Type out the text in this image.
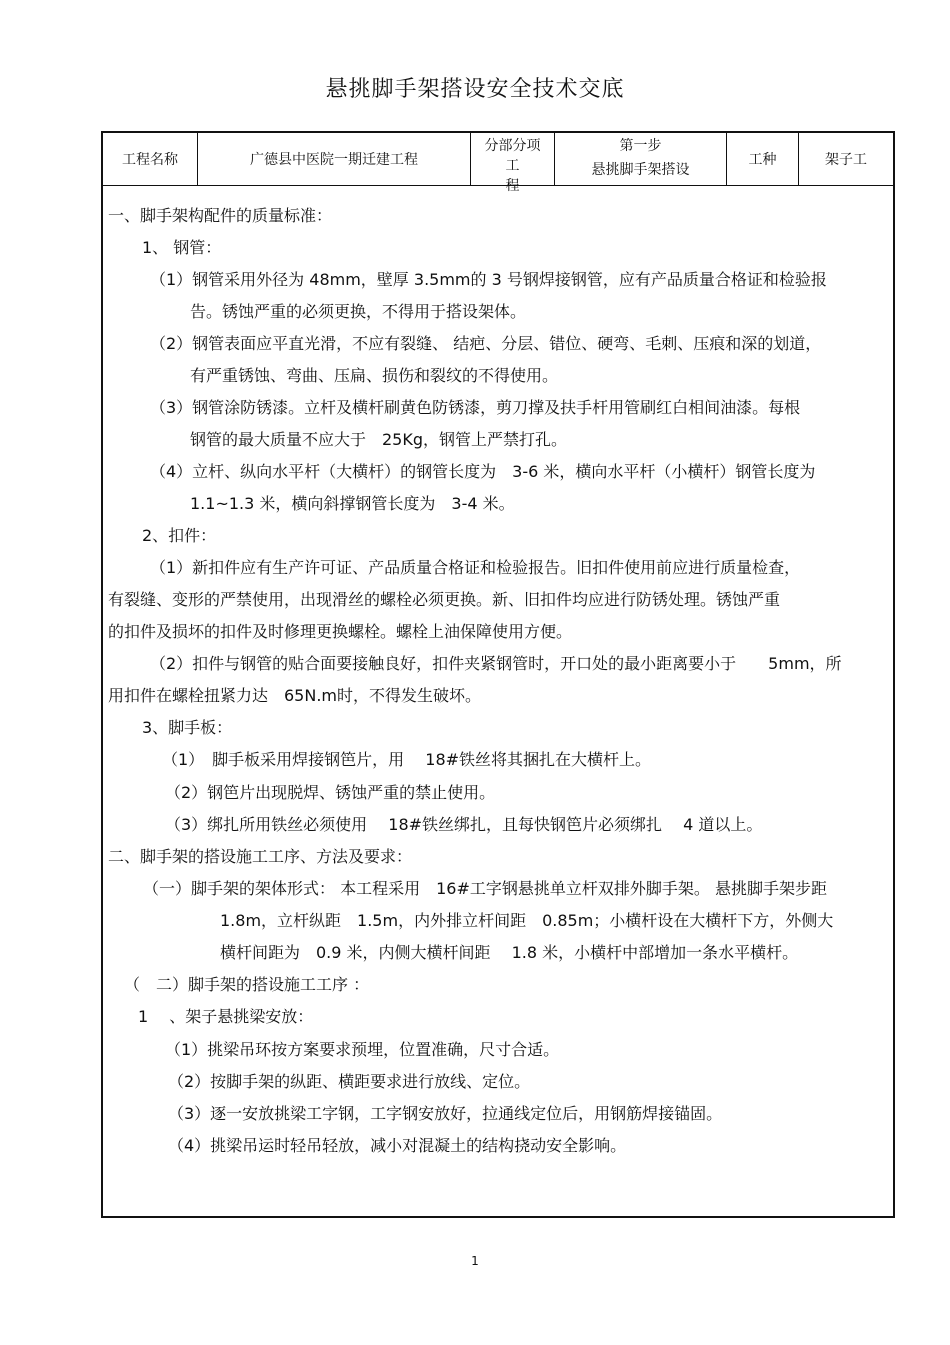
悬挑脚手架搭设安全技术交底
工程名称	广德县中医院一期迁建工程
分部分项
工
程
第一步
悬挑脚手架搭设
工种	架子工
一、脚手架构配件的质量标准：
1、 钢管：
（1）钢管采用外径为 48mm，壁厚 3.5mm的 3 号钢焊接钢管，应有产品质量合格证和检验报
告。锈蚀严重的必须更换，不得用于搭设架体。
（2）钢管表面应平直光滑，不应有裂缝、 结疤、分层、错位、硬弯、毛刺、压痕和深的划道，
有严重锈蚀、弯曲、压扁、损伤和裂纹的不得使用。
（3）钢管涂防锈漆。立杆及横杆刷黄色防锈漆，剪刀撑及扶手杆用管刷红白相间油漆。每根
钢管的最大质量不应大于　25Kg，钢管上严禁打孔。
（4）立杆、纵向水平杆（大横杆）的钢管长度为　3-6 米，横向水平杆（小横杆）钢管长度为
1.1~1.3 米，横向斜撑钢管长度为　3-4 米。
2、扣件：
（1）新扣件应有生产许可证、产品质量合格证和检验报告。旧扣件使用前应进行质量检查，
有裂缝、变形的严禁使用，出现滑丝的螺栓必须更换。新、旧扣件均应进行防锈处理。锈蚀严重
的扣件及损坏的扣件及时修理更换螺栓。螺栓上油保障使用方便。
（2）扣件与钢管的贴合面要接触良好，扣件夹紧钢管时，开口处的最小距离要小于　　5mm，所
用扣件在螺栓扭紧力达　65N.m时，不得发生破坏。
3、脚手板：
（1）　脚手板采用焊接钢笆片，用　 18#铁丝将其捆扎在大横杆上。
（2）钢笆片出现脱焊、锈蚀严重的禁止使用。
（3）绑扎所用铁丝必须使用　 18#铁丝绑扎，且每快钢笆片必须绑扎　 4 道以上。
二、脚手架的搭设施工工序、方法及要求：
（一）脚手架的架体形式： 本工程采用　16#工字钢悬挑单立杆双排外脚手架。 悬挑脚手架步距
1.8m，立杆纵距　1.5m，内外排立杆间距　0.85m；小横杆设在大横杆下方，外侧大
横杆间距为　0.9 米，内侧大横杆间距　 1.8 米，小横杆中部增加一条水平横杆。
（　二）脚手架的搭设施工工序 ：
1　 、架子悬挑梁安放：
（1）挑梁吊环按方案要求预埋，位置准确，尺寸合适。
（2）按脚手架的纵距、横距要求进行放线、定位。
（3）逐一安放挑梁工字钢，工字钢安放好，拉通线定位后，用钢筋焊接锚固。
（4）挑梁吊运时轻吊轻放，减小对混凝土的结构挠动安全影响。
1
